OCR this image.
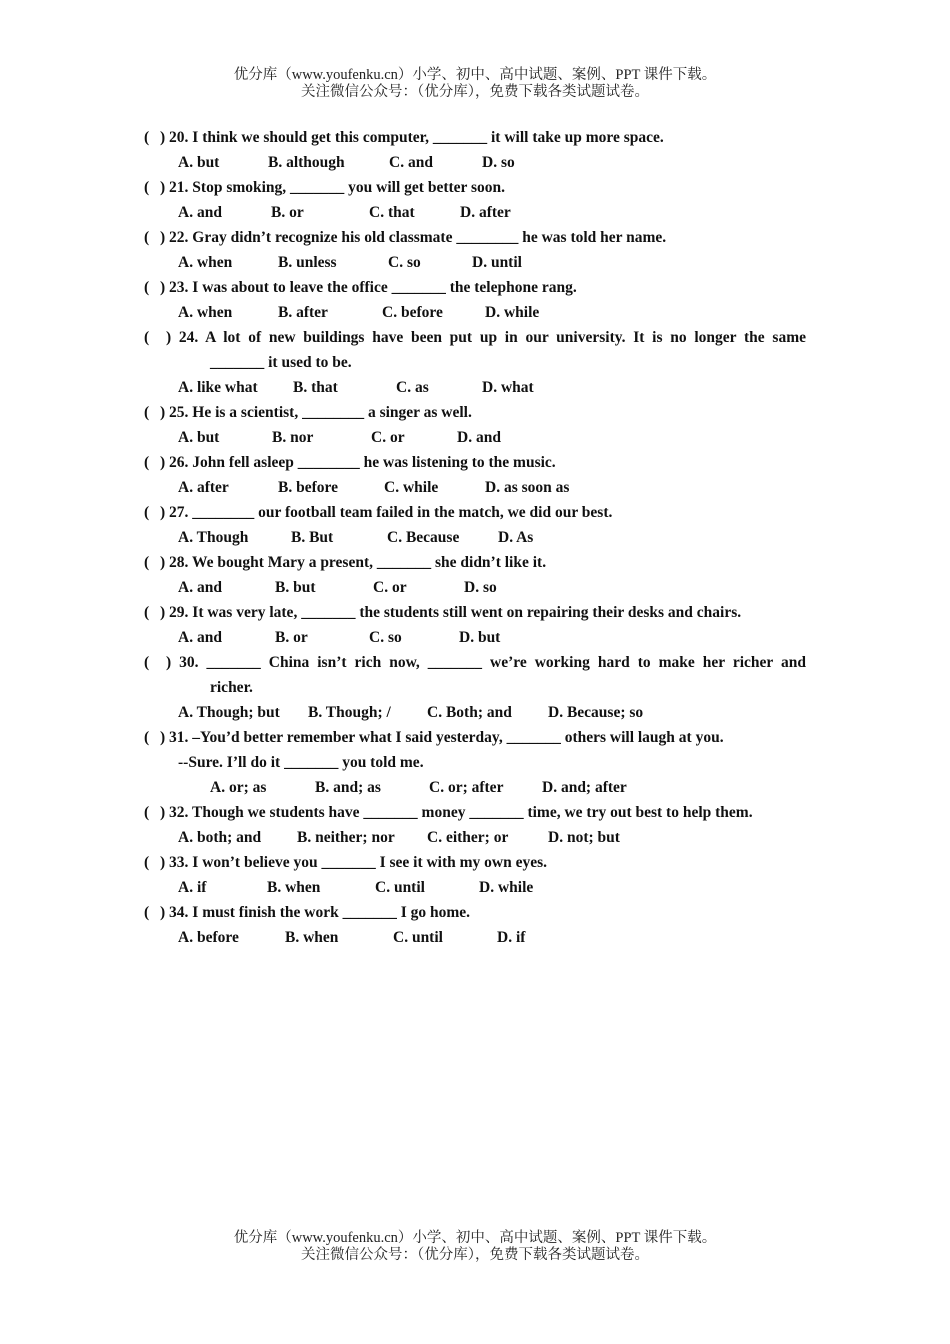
优分库（www.youfenku.cn）小学、初中、高中试题、案例、PPT 课件下载。
关注微信公众号：（优分库），免费下载各类试题试卷。
( ) 20. I think we should get this computer, _______ it will take up more space.
A. but	B. although	C. and	D. so
( ) 21. Stop smoking, _______ you will get better soon.
A. and	B. or	C. that	D. after
( ) 22. Gray didn’t recognize his old classmate ________ he was told her name.
A. when	B. unless	C. so	D. until
( ) 23. I was about to leave the office _______ the telephone rang.
A. when	B. after	C. before	D. while
( ) 24. A lot of new buildings have been put up in our university. It is no longer the same
_______ it used to be.
A. like what B. that	C. as	D. what
( ) 25. He is a scientist, ________ a singer as well.
A. but	B. nor	C. or	D. and
( ) 26. John fell asleep ________ he was listening to the music.
A. after	B. before	C. while	D. as soon as
( ) 27. ________ our football team failed in the match, we did our best.
A. Though	B. But	C. Because D. As
( ) 28. We bought Mary a present, _______ she didn’t like it.
A. and	B. but	C. or	D. so
( ) 29. It was very late, _______ the students still went on repairing their desks and chairs.
A. and	B. or	C. so	D. but
( ) 30. _______ China isn’t rich now, _______ we’re working hard to make her richer and
richer.
A. Though; but B. Though; / C. Both; and D. Because; so
( ) 31. –You’d better remember what I said yesterday, _______ others will laugh at you.
--Sure. I’ll do it _______ you told me.
A. or; as	B. and; as	C. or; after D. and; after
( ) 32. Though we students have _______ money _______ time, we try out best to help them.
A. both; and B. neither; nor C. either; or	D. not; but
( ) 33. I won’t believe you _______ I see it with my own eyes.
A. if	B. when	C. until	D. while
( ) 34. I must finish the work _______ I go home.
A. before	B. when	C. until	D. if
优分库（www.youfenku.cn）小学、初中、高中试题、案例、PPT 课件下载。
关注微信公众号：（优分库），免费下载各类试题试卷。
